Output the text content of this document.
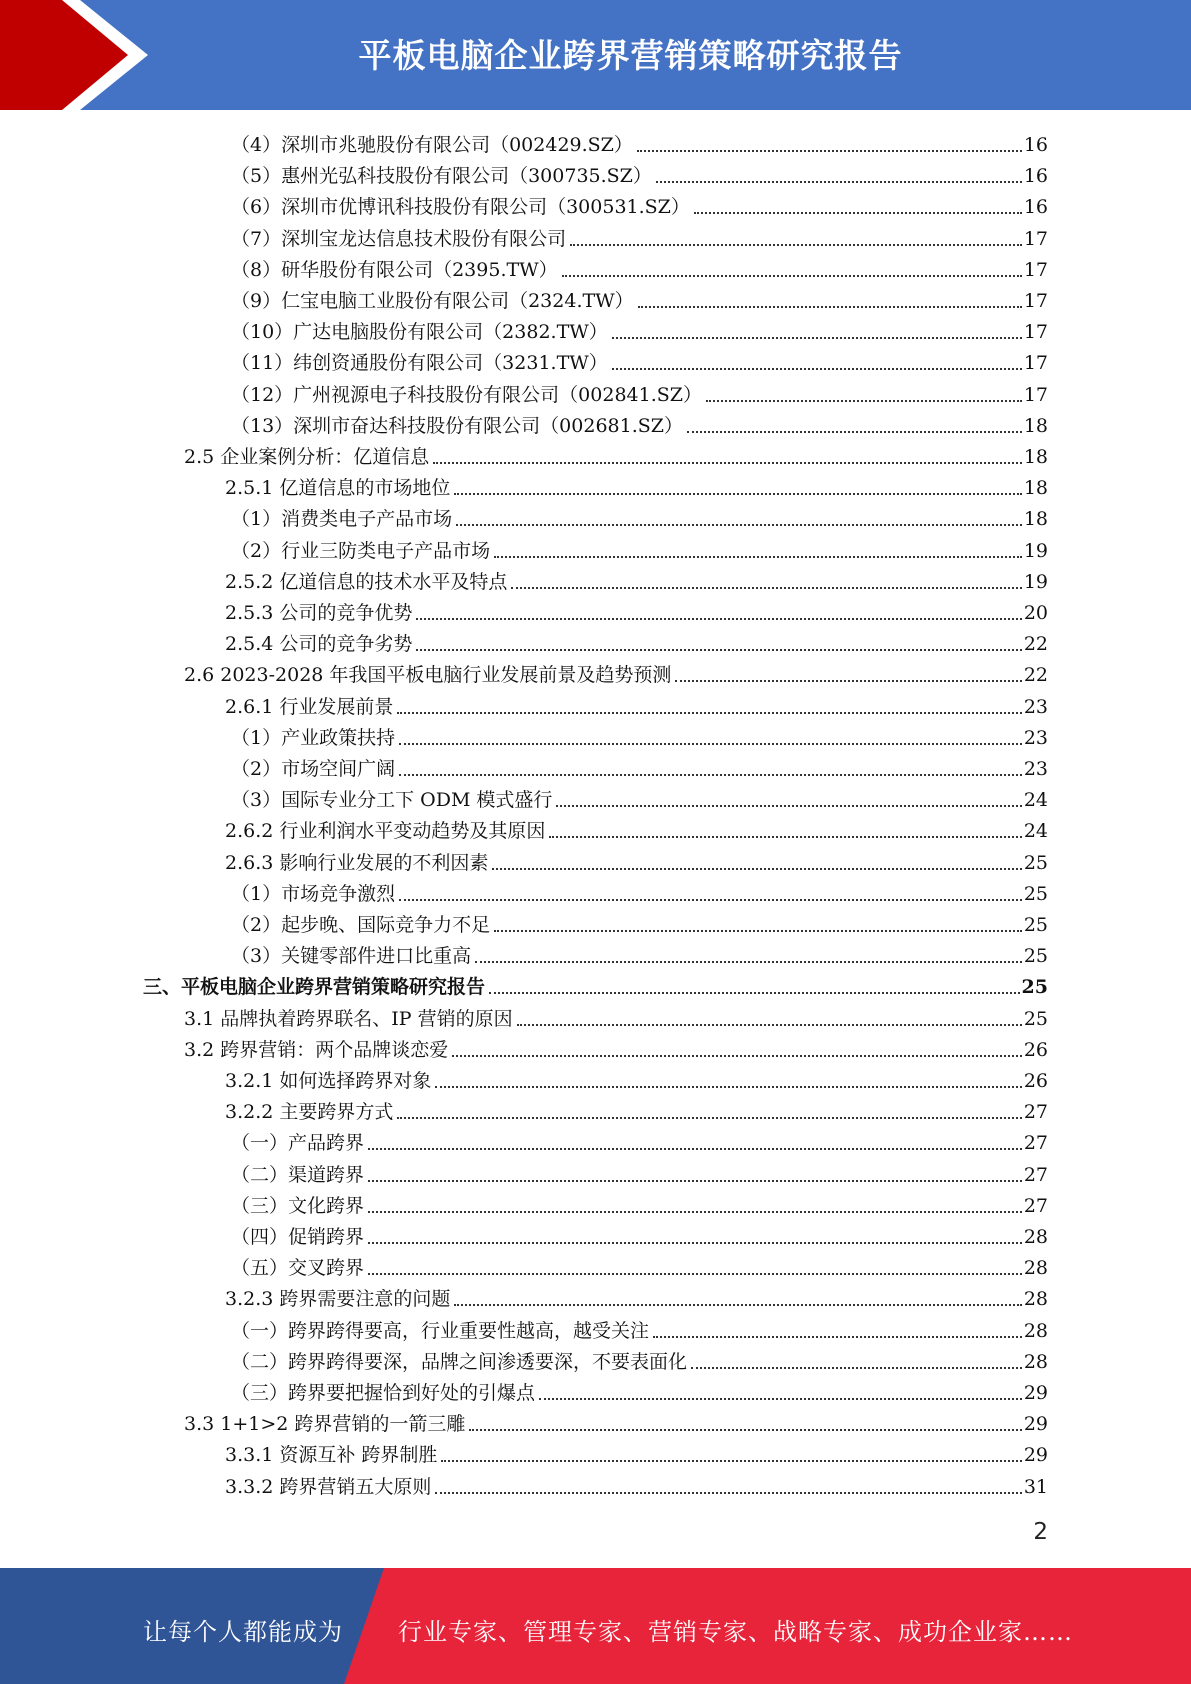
平板电脑企业跨界营销策略研究报告
（4）深圳市兆驰股份有限公司（002429.SZ）	16
（5）惠州光弘科技股份有限公司（300735.SZ）	16
（6）深圳市优博讯科技股份有限公司（300531.SZ）	16
（7）深圳宝龙达信息技术股份有限公司	17
（8）研华股份有限公司（2395.TW）	17
（9）仁宝电脑工业股份有限公司（2324.TW）	17
（10）广达电脑股份有限公司（2382.TW）	17
（11）纬创资通股份有限公司（3231.TW）	17
（12）广州视源电子科技股份有限公司（002841.SZ）	17
（13）深圳市奋达科技股份有限公司（002681.SZ）	18
2.5 企业案例分析：亿道信息	18
2.5.1 亿道信息的市场地位	18
（1）消费类电子产品市场	18
（2）行业三防类电子产品市场	19
2.5.2 亿道信息的技术水平及特点	19
2.5.3 公司的竞争优势	20
2.5.4 公司的竞争劣势	22
2.6 2023-2028 年我国平板电脑行业发展前景及趋势预测	22
2.6.1 行业发展前景	23
（1）产业政策扶持	23
（2）市场空间广阔	23
（3）国际专业分工下 ODM 模式盛行	24
2.6.2 行业利润水平变动趋势及其原因	24
2.6.3 影响行业发展的不利因素	25
（1）市场竞争激烈	25
（2）起步晚、国际竞争力不足	25
（3）关键零部件进口比重高	25
三、平板电脑企业跨界营销策略研究报告	25
3.1 品牌执着跨界联名、IP 营销的原因	25
3.2 跨界营销：两个品牌谈恋爱	26
3.2.1 如何选择跨界对象	26
3.2.2 主要跨界方式	27
（一）产品跨界	27
（二）渠道跨界	27
（三）文化跨界	27
（四）促销跨界	28
（五）交叉跨界	28
3.2.3 跨界需要注意的问题	28
（一）跨界跨得要高，行业重要性越高，越受关注	28
（二）跨界跨得要深，品牌之间渗透要深，不要表面化	28
（三）跨界要把握恰到好处的引爆点	29
3.3 1+1>2 跨界营销的一箭三雕	29
3.3.1 资源互补 跨界制胜	29
3.3.2 跨界营销五大原则	31
2
让每个人都能成为 行业专家、管理专家、营销专家、战略专家、成功企业家……
